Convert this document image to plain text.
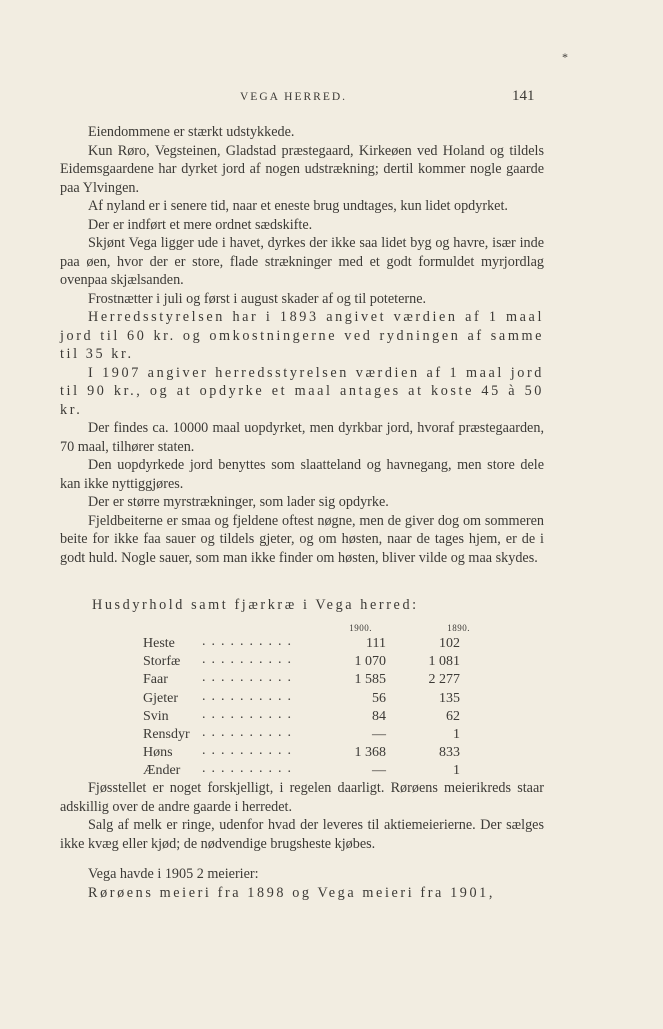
*
VEGA HERRED.	141

Eiendommene er stærkt udstykkede.

Kun Røro, Vegsteinen, Gladstad præstegaard, Kirkeøen ved Holand og tildels Eidemsgaardene har dyrket jord af nogen udstrækning; dertil kommer nogle gaarde paa Ylvingen.

Af nyland er i senere tid, naar et eneste brug undtages, kun lidet opdyrket.

Der er indført et mere ordnet sædskifte.

Skjønt Vega ligger ude i havet, dyrkes der ikke saa lidet byg og havre, især inde paa øen, hvor der er store, flade strækninger med et godt formuldet myrjordlag ovenpaa skjælsanden.

Frostnætter i juli og først i august skader af og til poteterne.

Herredsstyrelsen har i 1893 angivet værdien af 1 maal jord til 60 kr. og omkostningerne ved rydningen af samme til 35 kr.

I 1907 angiver herredsstyrelsen værdien af 1 maal jord til 90 kr., og at opdyrke et maal antages at koste 45 à 50 kr.

Der findes ca. 10000 maal uopdyrket, men dyrkbar jord, hvoraf præstegaarden, 70 maal, tilhører staten.

Den uopdyrkede jord benyttes som slaatteland og havnegang, men store dele kan ikke nyttiggjøres.

Der er større myrstrækninger, som lader sig opdyrke.

Fjeldbeiterne er smaa og fjeldene oftest nøgne, men de giver dog om sommeren beite for ikke faa sauer og tildels gjeter, og om høsten, naar de tages hjem, er de i godt huld. Nogle sauer, som man ikke finder om høsten, bliver vilde og maa skydes.

Husdyrhold samt fjærkræ i Vega herred:
1900.	1890.
Heste ..........	111	102
Storfæ ..........	1 070	1 081
Faar ..........	1 585	2 277
Gjeter ..........	56	135
Svin ..........	84	62
Rensdyr ..........	—	1
Høns ..........	1 368	833
Ænder ..........	—	1

Fjøsstellet er noget forskjelligt, i regelen daarligt. Rørøens meierikreds staar adskillig over de andre gaarde i herredet.

Salg af melk er ringe, udenfor hvad der leveres til aktiemeierierne. Der sælges ikke kvæg eller kjød; de nødvendige brugsheste kjøbes.

Vega havde i 1905 2 meierier:

Rørøens meieri fra 1898 og Vega meieri fra 1901,
